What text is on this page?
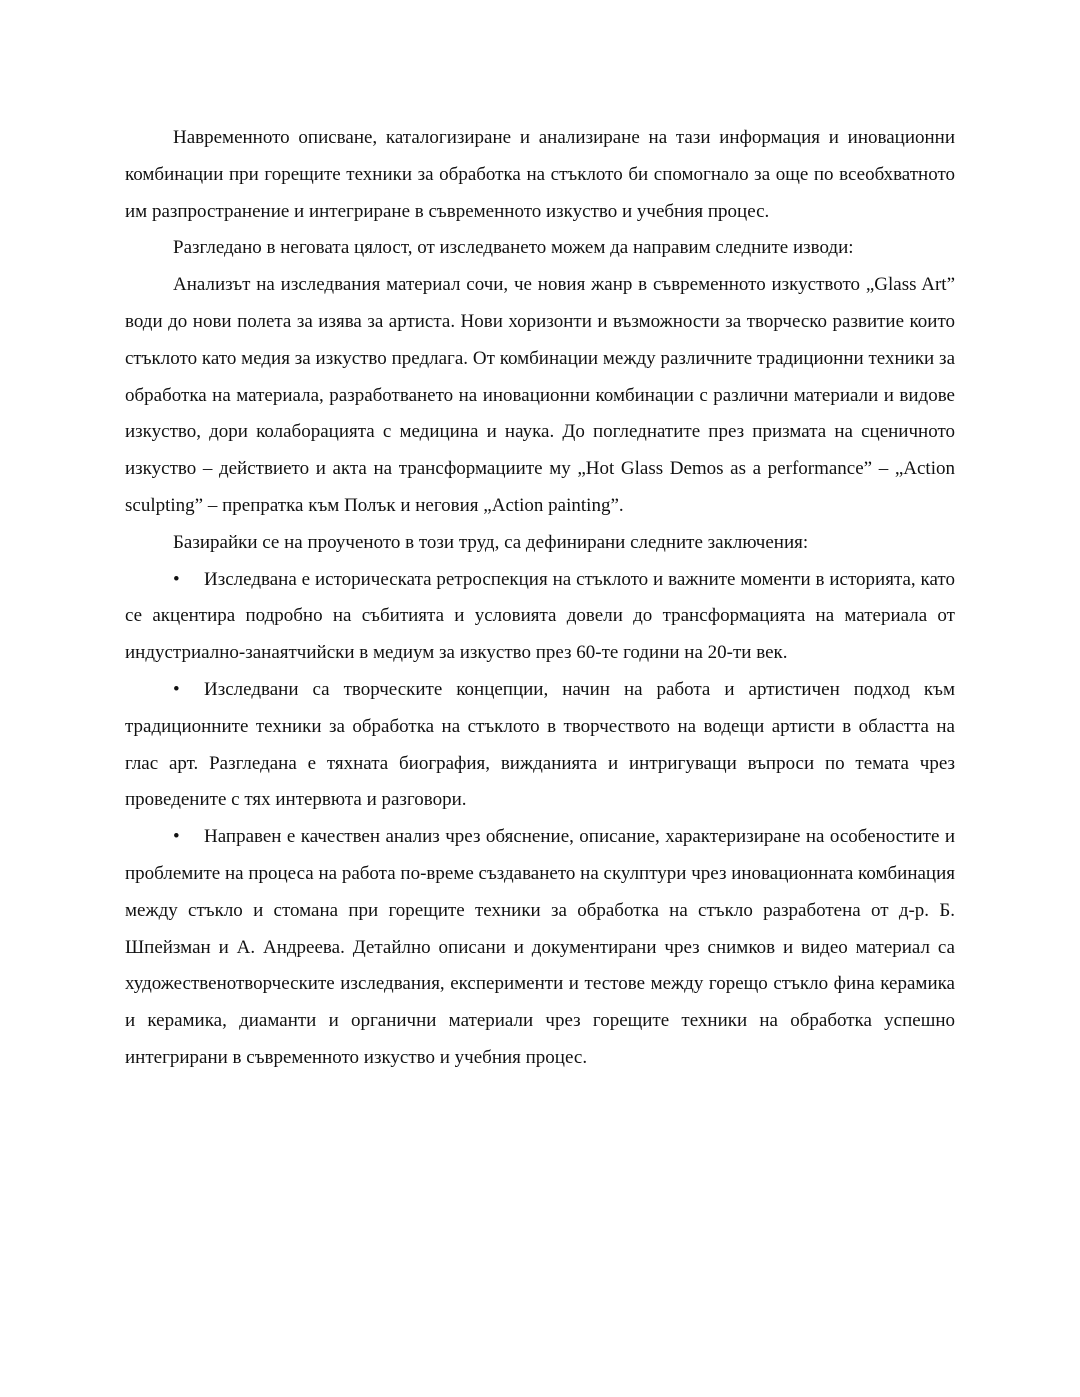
Навременното описване, каталогизиране и анализиране на тази информация и иновационни комбинации при горещите техники за обработка на стъклото би спомогнало за още по всеобхватното им разпространение и интегриране в съвременното изкуство и учебния процес.

Разгледано в неговата цялост, от изследването можем да направим следните изводи:

Анализът на изследвания материал сочи, че новия жанр в съвременното изкуството „Glass Art” води до нови полета за изява за артиста. Нови хоризонти и възможности за творческо развитие които стъклото като медия за изкуство предлага. От комбинации между различните традиционни техники за обработка на материала, разработването на иновационни комбинации с различни материали и видове изкуство, дори колаборацията с медицина и наука. До погледнатите през призмата на сценичното изкуство – действието и акта на трансформациите му „Hot Glass Demos as a performance” – „Action sculpting” – препратка към Полък и неговия „Action painting”.

Базирайки се на проученото в този труд, са дефинирани следните заключения:

• Изследвана е историческата ретроспекция на стъклото и важните моменти в историята, като се акцентира подробно на събитията и условията довели до трансформацията на материала от индустриално-занаятчийски в медиум за изкуство през 60-те години на 20-ти век.
• Изследвани са творческите концепции, начин на работа и артистичен подход към традиционните техники за обработка на стъклото в творчеството на водещи артисти в областта на глас арт. Разгледана е тяхната биография, вижданията и интригуващи въпроси по темата чрез проведените с тях интервюта и разговори.
• Направен е качествен анализ чрез обяснение, описание, характеризиране на особеностите и проблемите на процеса на работа по-време създаването на скулптури чрез иновационната комбинация между стъкло и стомана при горещите техники за обработка на стъкло разработена от д-р. Б. Шпейзман и А. Андреева. Детайлно описани и документирани чрез снимков и видео материал са художественотворческите изследвания, експерименти и тестове между горещо стъкло фина керамика и керамика, диаманти и органични материали чрез горещите техники на обработка успешно интегрирани в съвременното изкуство и учебния процес.
